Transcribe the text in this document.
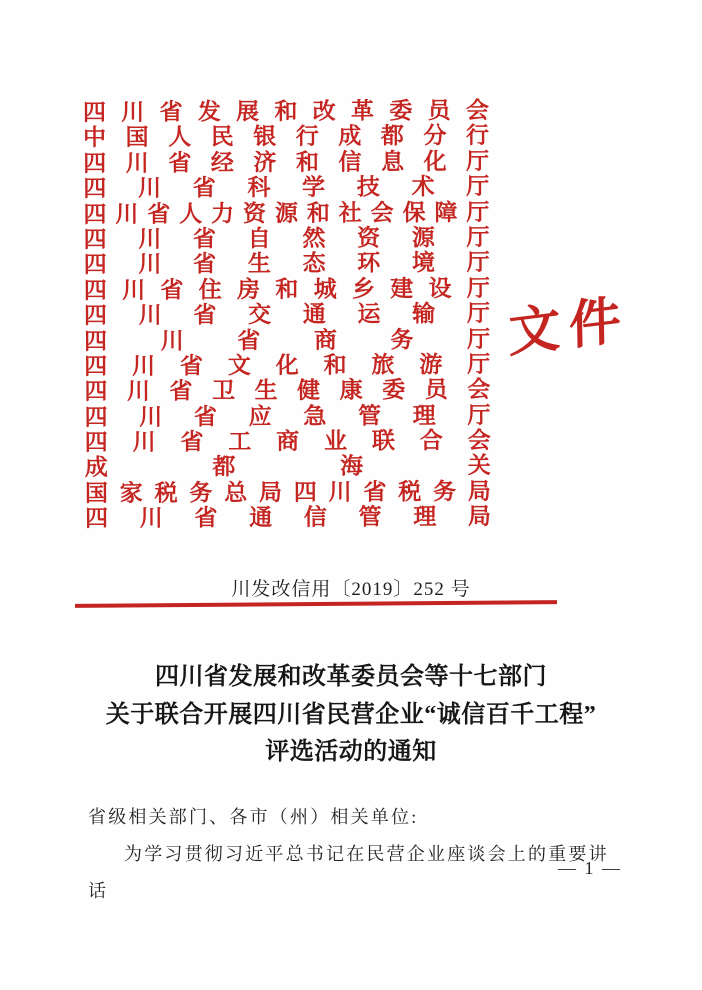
四 川 省 发 展 和 改 革 委 员 会
中 国 人 民 银 行 成 都 分 行
四 川 省 经 济 和 信 息 化 厅
四 川 省 科 学 技 术 厅
四 川 省 人 力 资 源 和 社 会 保 障 厅
四 川 省 自 然 资 源 厅
四 川 省 生 态 环 境 厅
四 川 省 住 房 和 城 乡 建 设 厅
四 川 省 交 通 运 输 厅
四 川 省 商 务 厅
四 川 省 文 化 和 旅 游 厅
四 川 省 卫 生 健 康 委 员 会
四 川 省 应 急 管 理 厅
四 川 省 工 商 业 联 合 会
成	都	海	关
国 家 税 务 总 局 四 川 省 税 务 局
四 川 省 通 信 管 理 局
文件
川发改信用〔2019〕252 号
四川省发展和改革委员会等十七部门
关于联合开展四川省民营企业“诚信百千工程”
评选活动的通知

省级相关部门、各市（州）相关单位:

为学习贯彻习近平总书记在民营企业座谈会上的重要讲话

— 1 —
